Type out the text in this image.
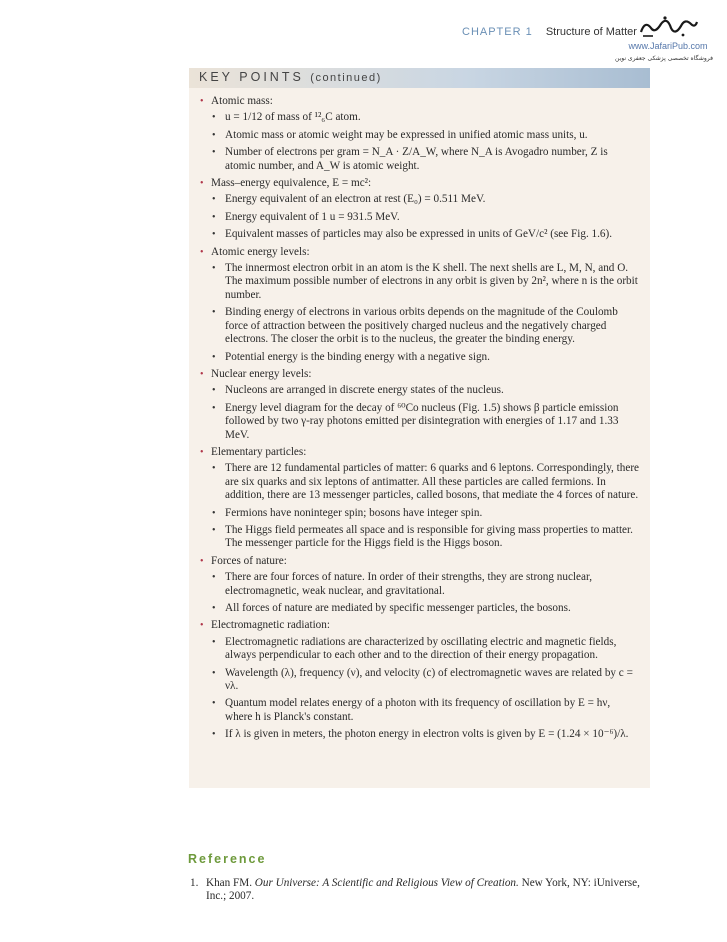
CHAPTER 1 Structure of Matter
www.JafariPub.com
فروشگاه تخصصی پزشکی جعفری نوین
KEY POINTS (continued)
• Atomic mass:
• u = 1/12 of mass of ¹²₆C atom.
• Atomic mass or atomic weight may be expressed in unified atomic mass units, u.
• Number of electrons per gram = N_A · Z/A_W, where N_A is Avogadro number, Z is atomic number, and A_W is atomic weight.
• Mass–energy equivalence, E = mc²:
• Energy equivalent of an electron at rest (E₀) = 0.511 MeV.
• Energy equivalent of 1 u = 931.5 MeV.
• Equivalent masses of particles may also be expressed in units of GeV/c² (see Fig. 1.6).
• Atomic energy levels:
• The innermost electron orbit in an atom is the K shell. The next shells are L, M, N, and O. The maximum possible number of electrons in any orbit is given by 2n², where n is the orbit number.
• Binding energy of electrons in various orbits depends on the magnitude of the Coulomb force of attraction between the positively charged nucleus and the negatively charged electrons. The closer the orbit is to the nucleus, the greater the binding energy.
• Potential energy is the binding energy with a negative sign.
• Nuclear energy levels:
• Nucleons are arranged in discrete energy states of the nucleus.
• Energy level diagram for the decay of ⁶⁰Co nucleus (Fig. 1.5) shows β particle emission followed by two γ-ray photons emitted per disintegration with energies of 1.17 and 1.33 MeV.
• Elementary particles:
• There are 12 fundamental particles of matter: 6 quarks and 6 leptons. Correspondingly, there are six quarks and six leptons of antimatter. All these particles are called fermions. In addition, there are 13 messenger particles, called bosons, that mediate the 4 forces of nature.
• Fermions have noninteger spin; bosons have integer spin.
• The Higgs field permeates all space and is responsible for giving mass properties to matter. The messenger particle for the Higgs field is the Higgs boson.
• Forces of nature:
• There are four forces of nature. In order of their strengths, they are strong nuclear, electromagnetic, weak nuclear, and gravitational.
• All forces of nature are mediated by specific messenger particles, the bosons.
• Electromagnetic radiation:
• Electromagnetic radiations are characterized by oscillating electric and magnetic fields, always perpendicular to each other and to the direction of their energy propagation.
• Wavelength (λ), frequency (ν), and velocity (c) of electromagnetic waves are related by c = νλ.
• Quantum model relates energy of a photon with its frequency of oscillation by E = hν, where h is Planck's constant.
• If λ is given in meters, the photon energy in electron volts is given by E = (1.24 × 10⁻⁶)/λ.
Reference
1. Khan FM. Our Universe: A Scientific and Religious View of Creation. New York, NY: iUniverse, Inc.; 2007.
